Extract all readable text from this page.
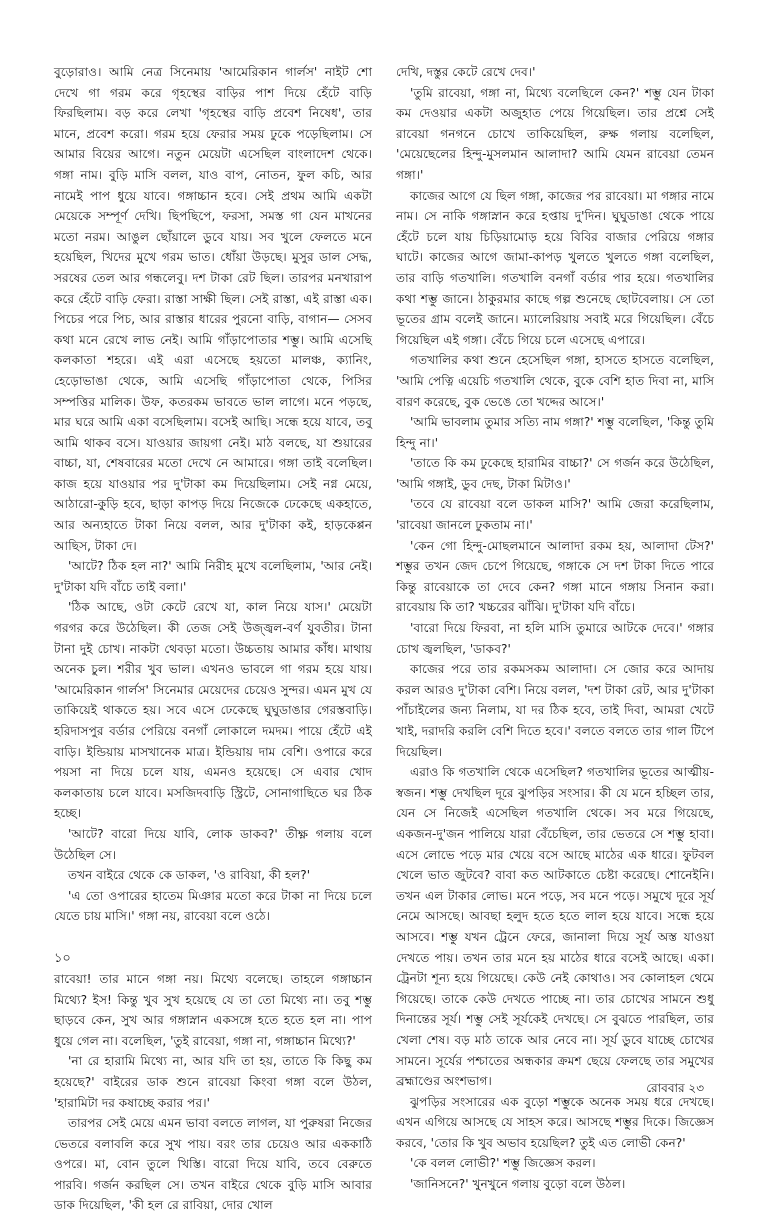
বুড়োরাও। আমি নেত্র সিনেমায় 'আমেরিকান গার্লস' নাইট শো দেখে গা গরম করে গৃহস্থের বাড়ির পাশ দিয়ে হেঁটে বাড়ি ফিরছিলাম। বড় করে লেখা 'গৃহস্থের বাড়ি প্রবেশ নিষেধ', তার মানে, প্রবেশ করো। গরম হয়ে ফেরার সময় ঢুকে পড়েছিলাম। সে আমার বিয়ের আগে। নতুন মেয়েটা এসেছিল বাংলাদেশ থেকে। গঙ্গা নাম। বুড়ি মাসি বলল, যাও বাপ, নোতন, ফুল কচি, আর নামেই পাপ ধুয়ে যাবে। গঙ্গাচ্চান হবে। সেই প্রথম আমি একটা মেয়েকে সম্পূর্ণ দেখি। ছিপছিপে, ফরসা, সমস্ত গা যেন মাখনের মতো নরম। আঙুল ছোঁয়ালে ডুবে যায়। সব খুলে ফেলতে মনে হয়েছিল, খিদের মুখে গরম ভাত। ধোঁয়া উড়ছে। মুসুর ডাল সেদ্ধ, সরষের তেল আর গন্ধলেবু। দশ টাকা রেট ছিল। তারপর মনখারাপ করে হেঁটে বাড়ি ফেরা। রাস্তা সাক্ষী ছিল। সেই রাস্তা, এই রাস্তা এক। পিচের পরে পিচ, আর রাস্তার ধারের পুরনো বাড়ি, বাগান— সেসব কথা মনে রেখে লাভ নেই। আমি গাঁড়াপোতার শম্ভু। আমি এসেছি কলকাতা শহরে। এই এরা এসেছে হয়তো মালঞ্চ, ক্যানিং, হেড়োভাঙা থেকে, আমি এসেছি গাঁড়াপোতা থেকে, পিসির সম্পত্তির মালিক। উফ, কতরকম ভাবতে ভাল লাগে। মনে পড়ছে, মার ঘরে আমি একা বসেছিলাম। বসেই আছি। সন্ধে হয়ে যাবে, তবু আমি থাকব বসে। যাওয়ার জায়গা নেই। মাঠ বলছে, যা শুয়ারের বাচ্চা, যা, শেষবারের মতো দেখে নে আমারে। গঙ্গা তাই বলেছিল। কাজ হয়ে যাওয়ার পর দু'টাকা কম দিয়েছিলাম। সেই নগ্ন মেয়ে, আঠারো-কুড়ি হবে, ছাড়া কাপড় দিয়ে নিজেকে ঢেকেছে একহাতে, আর অন্যহাতে টাকা নিয়ে বলল, আর দু'টাকা কই, হাড়কেপ্পন আছিস, টাকা দে।

'আটে? ঠিক হল না?' আমি নিরীহ মুখে বলেছিলাম, 'আর নেই। দু'টাকা যদি বাঁচে তাই বলা।'

'ঠিক আছে, ওটা কেটে রেখে যা, কাল নিয়ে যাস।' মেয়েটা গরগর করে উঠেছিল। কী তেজ সেই উজ্জ্বল-বর্ণ যুবতীর। টানা টানা দুই চোখ। নাকটা থেবড়া মতো। উচ্চতায় আমার কাঁধ। মাথায় অনেক চুল। শরীর খুব ভাল। এখনও ভাবলে গা গরম হয়ে যায়। 'আমেরিকান গার্লস' সিনেমার মেয়েদের চেয়েও সুন্দর। এমন মুখ যে তাকিয়েই থাকতে হয়। সবে এসে ঢেকেছে ঘুঘুডাঙার গেরস্তবাড়ি। হরিদাসপুর বর্ডার পেরিয়ে বনগাঁ লোকালে দমদম। পায়ে হেঁটে এই বাড়ি। ইন্ডিয়ায় মাসখানেক মাত্র। ইন্ডিয়ায় দাম বেশি। ওপারে করে পয়সা না দিয়ে চলে যায়, এমনও হয়েছে। সে এবার খোদ কলকাতায় চলে যাবে। মসজিদবাড়ি স্ট্রিটে, সোনাগাছিতে ঘর ঠিক হচ্ছে।

'আটে? বারো দিয়ে যাবি, লোক ডাকব?' তীক্ষ্ণ গলায় বলে উঠেছিল সে।

তখন বাইরে থেকে কে ডাকল, 'ও রাবিয়া, কী হল?'

'এ তো ওপারের হাতেম মিঞার মতো করে টাকা না দিয়ে চলে যেতে চায় মাসি।' গঙ্গা নয়, রাবেয়া বলে ওঠে।

১০

রাবেয়া! তার মানে গঙ্গা নয়। মিথ্যে বলেছে। তাহলে গঙ্গাচ্চান মিথ্যে? ইস! কিন্তু খুব সুখ হয়েছে যে তা তো মিথ্যে না। তবু শম্ভু ছাড়বে কেন, সুখ আর গঙ্গাস্নান একসঙ্গে হতে হতে হল না। পাপ ধুয়ে গেল না। বলেছিল, 'তুই রাবেয়া, গঙ্গা না, গঙ্গাচ্চান মিথ্যে?'

'না রে হারামি মিথ্যে না, আর যদি তা হয়, তাতে কি কিছু কম হয়েছে?' বাইরের ডাক শুনে রাবেয়া কিংবা গঙ্গা বলে উঠল, 'হারামিটা দর কষাচ্ছে করার পর।'

তারপর সেই মেয়ে এমন ভাবা বলতে লাগল, যা পুরুষরা নিজের ভেতরে বলাবলি করে সুখ পায়। বরং তার চেয়েও আর এককাঠি ওপরে। মা, বোন তুলে খিস্তি। বারো দিয়ে যাবি, তবে বেরুতে পারবি। গর্জন করছিল সে। তখন বাইরে থেকে বুড়ি মাসি আবার ডাক দিয়েছিল, 'কী হল রে রাবিয়া, দোর খোল

দেখি, দস্তুর কেটে রেখে দেব।'

'তুমি রাবেয়া, গঙ্গা না, মিথ্যে বলেছিলে কেন?' শম্ভু যেন টাকা কম দেওয়ার একটা অজুহাত পেয়ে গিয়েছিল। তার প্রশ্নে সেই রাবেয়া গনগনে চোখে তাকিয়েছিল, রুক্ষ গলায় বলেছিল, 'মেয়েছেলের হিন্দু-মুসলমান আলাদা? আমি যেমন রাবেয়া তেমন গঙ্গা।'

কাজের আগে যে ছিল গঙ্গা, কাজের পর রাবেয়া। মা গঙ্গার নামে নাম। সে নাকি গঙ্গাস্নান করে হপ্তায় দু'দিন। ঘুঘুডাঙা থেকে পায়ে হেঁটে চলে যায় চিড়িয়ামোড় হয়ে বিবির বাজার পেরিয়ে গঙ্গার ঘাটে। কাজের আগে জামা-কাপড় খুলতে খুলতে গঙ্গা বলেছিল, তার বাড়ি গতখালি। গতখালি বনগাঁ বর্ডার পার হয়ে। গতখালির কথা শম্ভু জানে। ঠাকুরমার কাছে গল্প শুনেছে ছোটবেলায়। সে তো ভূতের গ্রাম বলেই জানে। ম্যালেরিয়ায় সবাই মরে গিয়েছিল। বেঁচে গিয়েছিল এই গঙ্গা। বেঁচে গিয়ে চলে এসেছে এপারে।

গতখালির কথা শুনে হেসেছিল গঙ্গা, হাসতে হাসতে বলেছিল, 'আমি পেত্নি এয়েচি গতখালি থেকে, বুকে বেশি হাত দিবা না, মাসি বারণ করেছে, বুক ভেঙে তো খদ্দের আসে।'

'আমি ভাবলাম তুমার সত্যি নাম গঙ্গা?' শম্ভু বলেছিল, 'কিন্তু তুমি হিন্দু না।'

'তাতে কি কম ঢুকেছে হারামির বাচ্চা?' সে গর্জন করে উঠেছিল, 'আমি গঙ্গাই, ডুব দেছ, টাকা মিটাও।'

'তবে যে রাবেয়া বলে ডাকল মাসি?' আমি জেরা করেছিলাম, 'রাবেয়া জানলে ঢুকতাম না।'

'কেন গো হিন্দু-মোছলমানে আলাদা রকম হয়, আলাদা টেস?' শম্ভুর তখন জেদ চেপে গিয়েছে, গঙ্গাকে সে দশ টাকা দিতে পারে কিন্তু রাবেয়াকে তা দেবে কেন? গঙ্গা মানে গঙ্গায় সিনান করা। রাবেয়ায় কি তা? খচ্চরের ঝাঁঝি। দু'টাকা যদি বাঁচে।

'বারো দিয়ে ফিরবা, না হলি মাসি তুমারে আটকে দেবে।' গঙ্গার চোখ জ্বলছিল, 'ডাকব?'

কাজের পরে তার রকমসকম আলাদা। সে জোর করে আদায় করল আরও দু'টাকা বেশি। নিয়ে বলল, 'দশ টাকা রেট, আর দু'টাকা পাঁচাইলের জন্য নিলাম, যা দর ঠিক হবে, তাই দিবা, আমরা খেটে খাই, দরাদরি করলি বেশি দিতে হবে।' বলতে বলতে তার গাল টিপে দিয়েছিল।

এরাও কি গতখালি থেকে এসেছিল? গতখালির ভূতের আত্মীয়-স্বজন। শম্ভু দেখছিল দূরে ঝুপড়ির সংসার। কী যে মনে হচ্ছিল তার, যেন সে নিজেই এসেছিল গতখালি থেকে। সব মরে গিয়েছে, একজন-দু'জন পালিয়ে যারা বেঁচেছিল, তার ভেতরে সে শম্ভু হাবা। এসে লোভে পড়ে মার খেয়ে বসে আছে মাঠের এক ধারে। ফুটবল খেলে ভাত জুটবে? বাবা কত আটকাতে চেষ্টা করেছে। শোনেইনি। তখন এল টাকার লোভ। মনে পড়ে, সব মনে পড়ে। সমুখে দূরে সূর্য নেমে আসছে। আবছা হলুদ হতে হতে লাল হয়ে যাবে। সন্ধে হয়ে আসবে। শম্ভু যখন ট্রেনে ফেরে, জানালা দিয়ে সূর্য অস্ত যাওয়া দেখতে পায়। তখন তার মনে হয় মাঠের ধারে বসেই আছে। একা। ট্রেনটা শূন্য হয়ে গিয়েছে। কেউ নেই কোথাও। সব কোলাহল থেমে গিয়েছে। তাকে কেউ দেখতে পাচ্ছে না। তার চোখের সামনে শুধু দিনান্তের সূর্য। শম্ভু সেই সূর্যকেই দেখছে। সে বুঝতে পারছিল, তার খেলা শেষ। বড় মাঠ তাকে আর নেবে না। সূর্য ডুবে যাচ্ছে চোখের সামনে। সূর্যের পশ্চাতের অন্ধকার ক্রমশ ছেয়ে ফেলছে তার সমুখের ব্রহ্মাণ্ডের অংশভাগ।

ঝুপড়ির সংসারের এক বুড়ো শম্ভুকে অনেক সময় ধরে দেখছে। এখন এগিয়ে আসছে যে সাহস করে। আসছে শম্ভুর দিকে। জিজ্ঞেস করবে, 'তোর কি খুব অভাব হয়েছিল? তুই এত লোভী কেন?'

'কে বলল লোভী?' শম্ভু জিজ্ঞেস করল।

'জানিসনে?' খুনখুনে গলায় বুড়ো বলে উঠল।

রোববার ২৩
